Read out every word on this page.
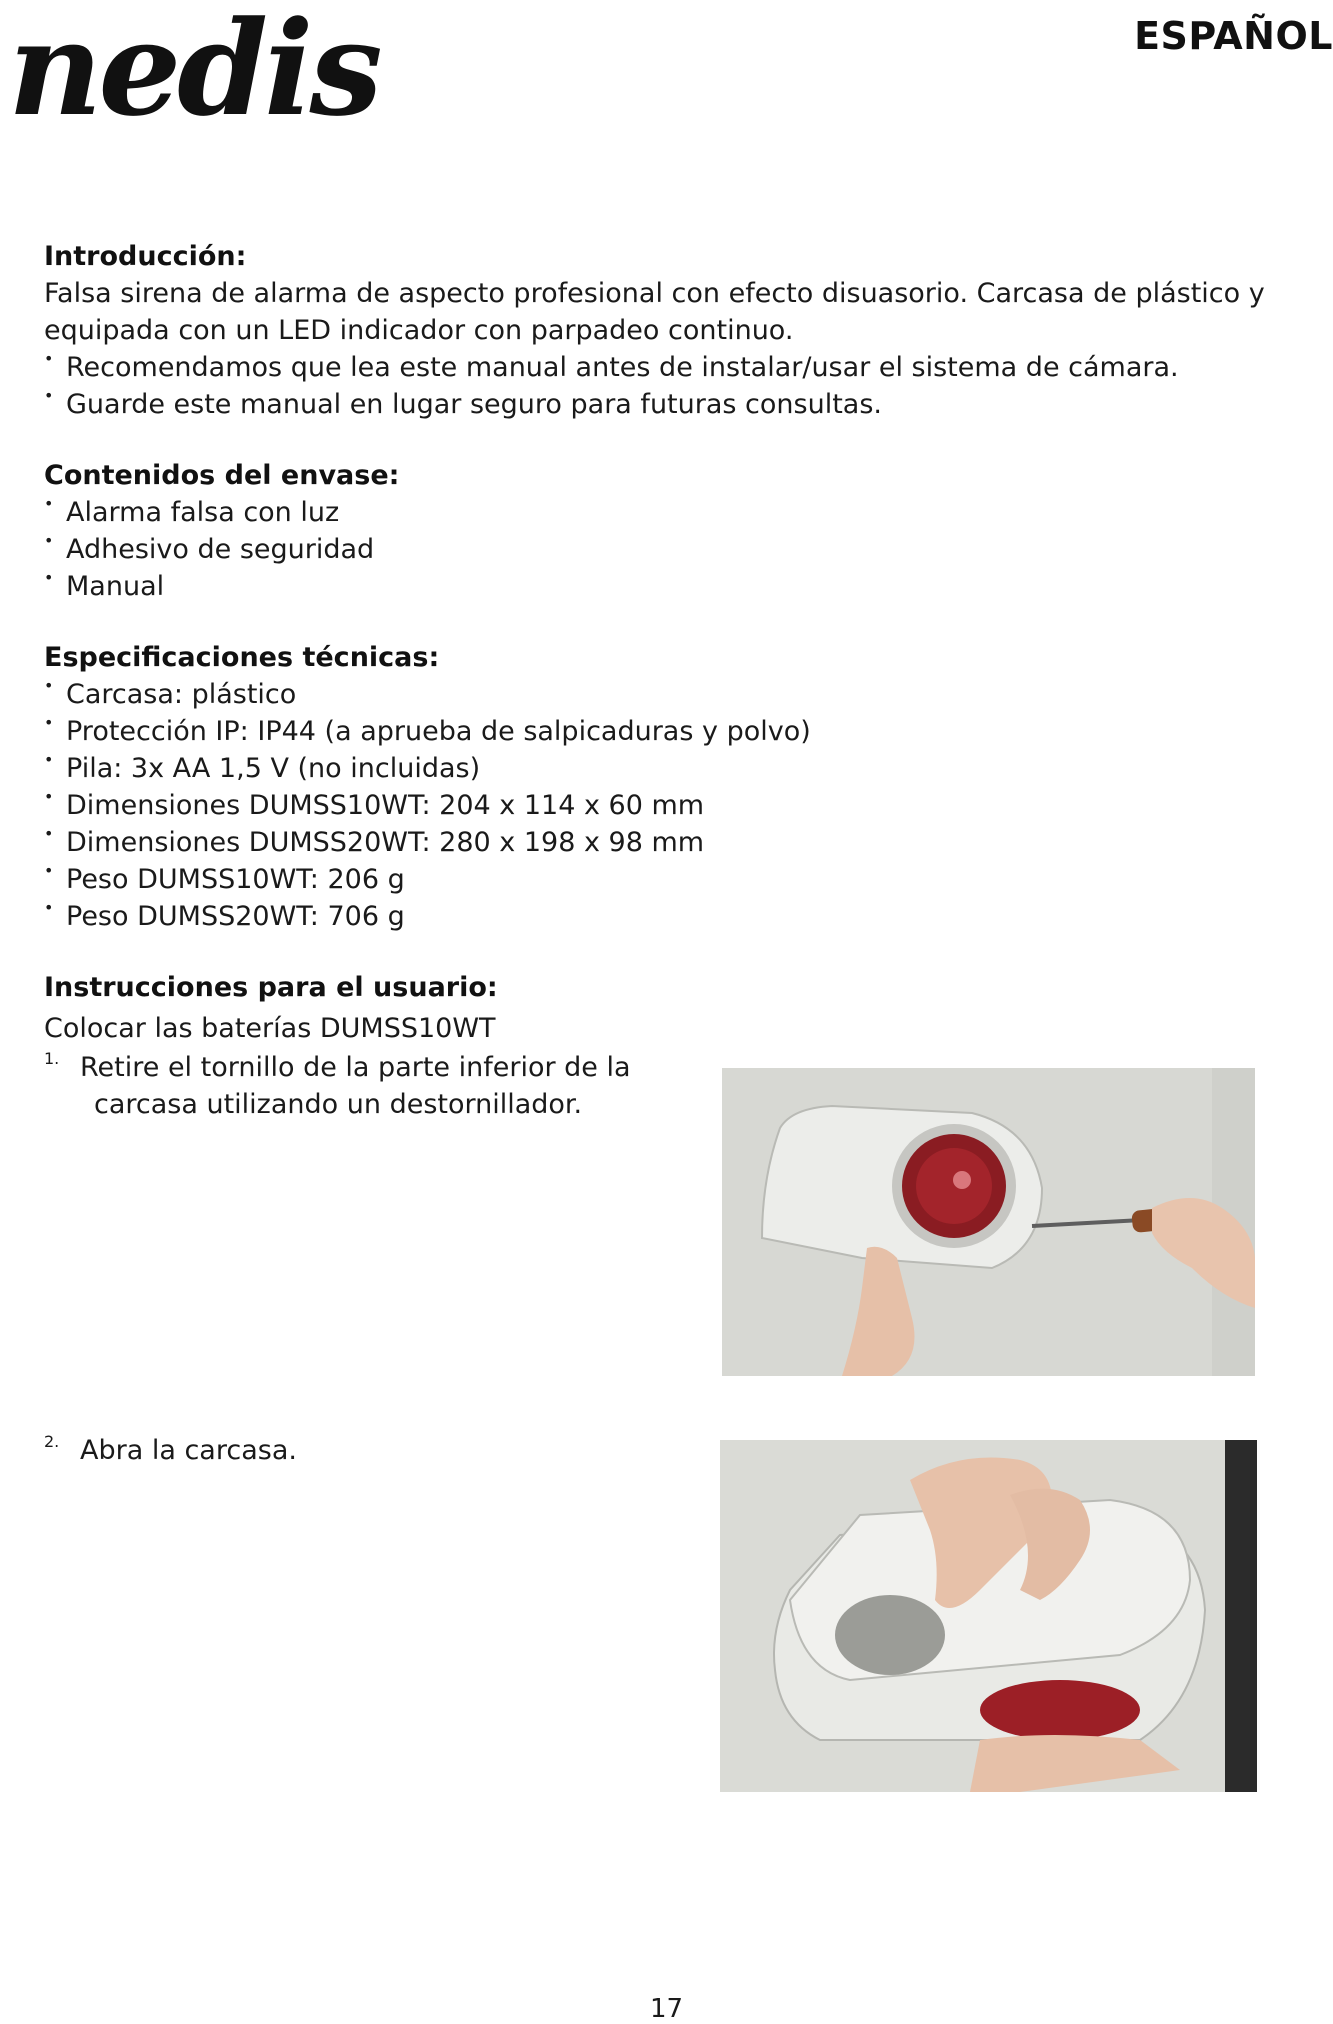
nedis	ESPAÑOL
Introducción:

Falsa sirena de alarma de aspecto profesional con efecto disuasorio. Carcasa de plástico y

equipada con un LED indicador con parpadeo continuo.

• Recomendamos que lea este manual antes de instalar/usar el sistema de cámara.
• Guarde este manual en lugar seguro para futuras consultas.
Contenidos del envase:
• Alarma falsa con luz
• Adhesivo de seguridad
• Manual
Especificaciones técnicas:
• Carcasa: plástico
• Protección IP: IP44 (a aprueba de salpicaduras y polvo)
• Pila: 3x AA 1,5 V (no incluidas)
• Dimensiones DUMSS10WT: 204 x 114 x 60 mm
• Dimensiones DUMSS20WT: 280 x 198 x 98 mm
• Peso DUMSS10WT: 206 g
• Peso DUMSS20WT: 706 g
Instrucciones para el usuario:

Colocar las baterías DUMSS10WT

1. Retire el tornillo de la parte inferior de la
carcasa utilizando un destornillador.
2. Abra la carcasa.
17
